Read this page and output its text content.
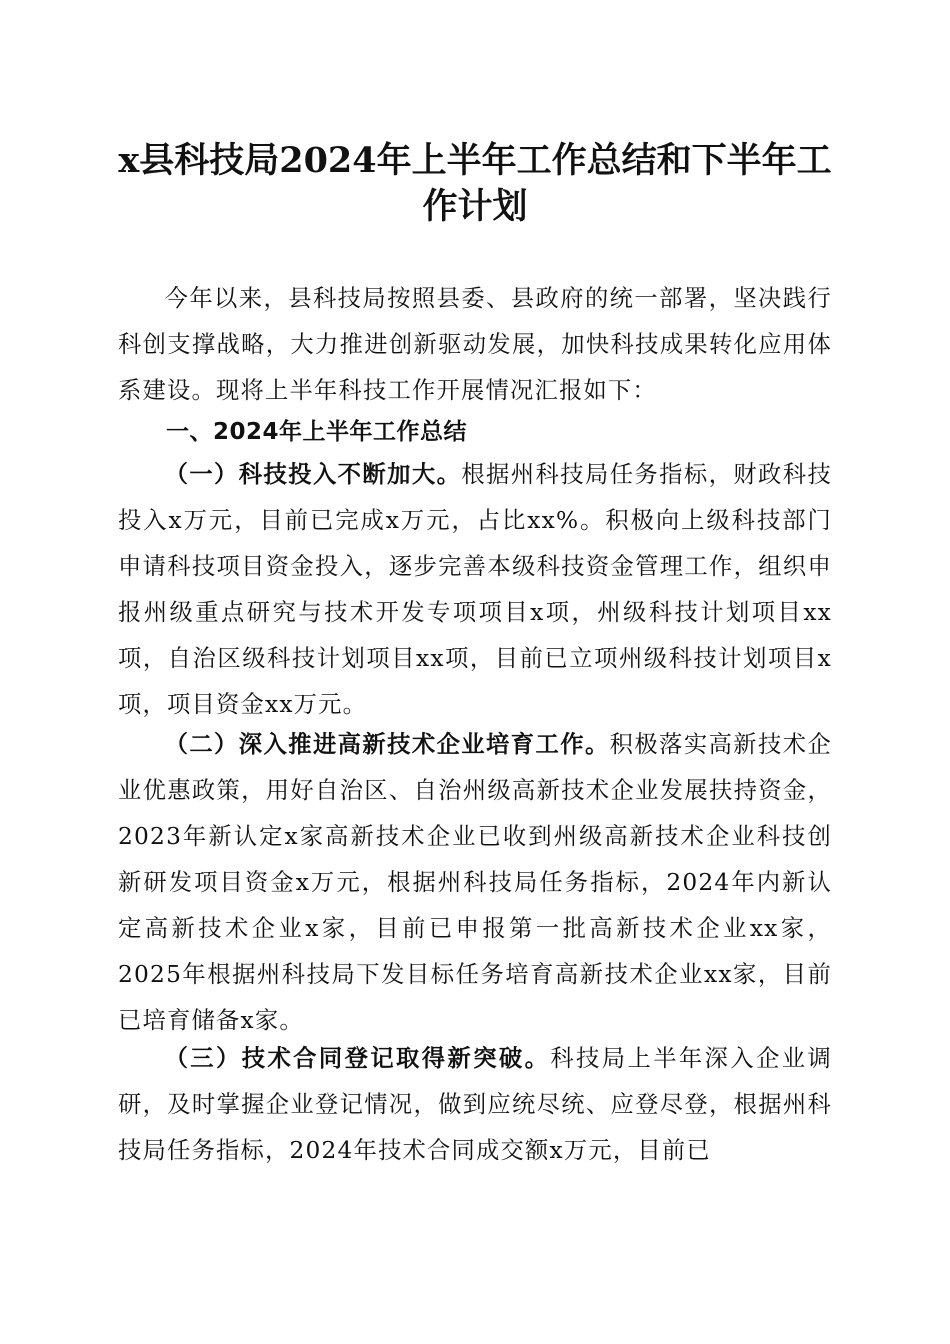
x县科技局2024年上半年工作总结和下半年工
作计划

今年以来，县科技局按照县委、县政府的统一部署，坚决践行科创支撑战略，大力推进创新驱动发展，加快科技成果转化应用体系建设。现将上半年科技工作开展情况汇报如下：

一、2024年上半年工作总结

（一）科技投入不断加大。根据州科技局任务指标，财政科技投入x万元，目前已完成x万元，占比xx%。积极向上级科技部门申请科技项目资金投入，逐步完善本级科技资金管理工作，组织申报州级重点研究与技术开发专项项目x项，州级科技计划项目xx项，自治区级科技计划项目xx项，目前已立项州级科技计划项目x项，项目资金xx万元。

（二）深入推进高新技术企业培育工作。积极落实高新技术企业优惠政策，用好自治区、自治州级高新技术企业发展扶持资金，2023年新认定x家高新技术企业已收到州级高新技术企业科技创新研发项目资金x万元，根据州科技局任务指标，2024年内新认定高新技术企业x家，目前已申报第一批高新技术企业xx家，2025年根据州科技局下发目标任务培育高新技术企业xx家，目前已培育储备x家。

（三）技术合同登记取得新突破。科技局上半年深入企业调研，及时掌握企业登记情况，做到应统尽统、应登尽登，根据州科技局任务指标，2024年技术合同成交额x万元，目前已
